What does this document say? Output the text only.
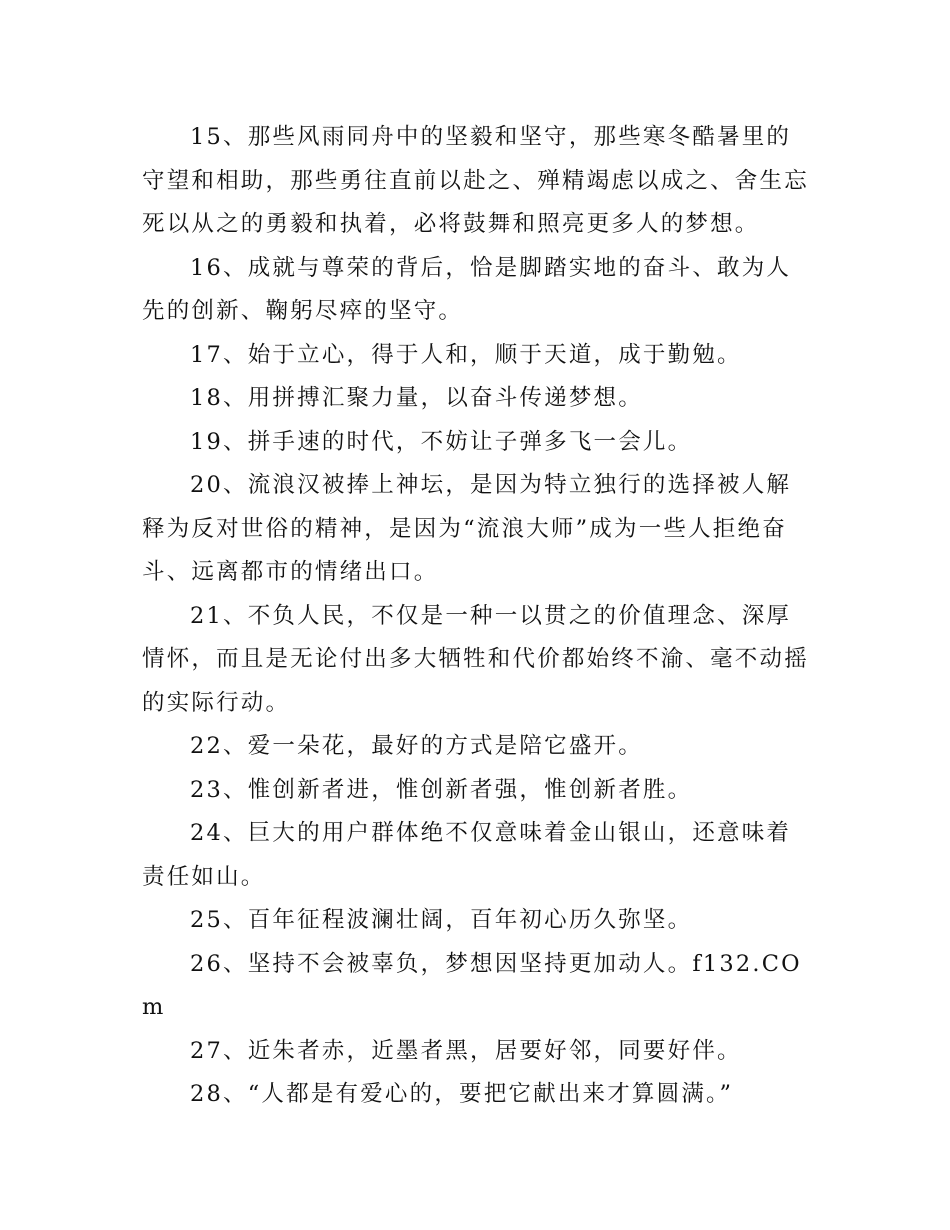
15、那些风雨同舟中的坚毅和坚守，那些寒冬酷暑里的守望和相助，那些勇往直前以赴之、殚精竭虑以成之、舍生忘死以从之的勇毅和执着，必将鼓舞和照亮更多人的梦想。

16、成就与尊荣的背后，恰是脚踏实地的奋斗、敢为人先的创新、鞠躬尽瘁的坚守。

17、始于立心，得于人和，顺于天道，成于勤勉。

18、用拼搏汇聚力量，以奋斗传递梦想。

19、拼手速的时代，不妨让子弹多飞一会儿。

20、流浪汉被捧上神坛，是因为特立独行的选择被人解释为反对世俗的精神，是因为“流浪大师”成为一些人拒绝奋斗、远离都市的情绪出口。

21、不负人民，不仅是一种一以贯之的价值理念、深厚情怀，而且是无论付出多大牺牲和代价都始终不渝、毫不动摇的实际行动。

22、爱一朵花，最好的方式是陪它盛开。

23、惟创新者进，惟创新者强，惟创新者胜。

24、巨大的用户群体绝不仅意味着金山银山，还意味着责任如山。

25、百年征程波澜壮阔，百年初心历久弥坚。

26、坚持不会被辜负，梦想因坚持更加动人。f132.COm

27、近朱者赤，近墨者黑，居要好邻，同要好伴。

28、“人都是有爱心的，要把它献出来才算圆满。”
